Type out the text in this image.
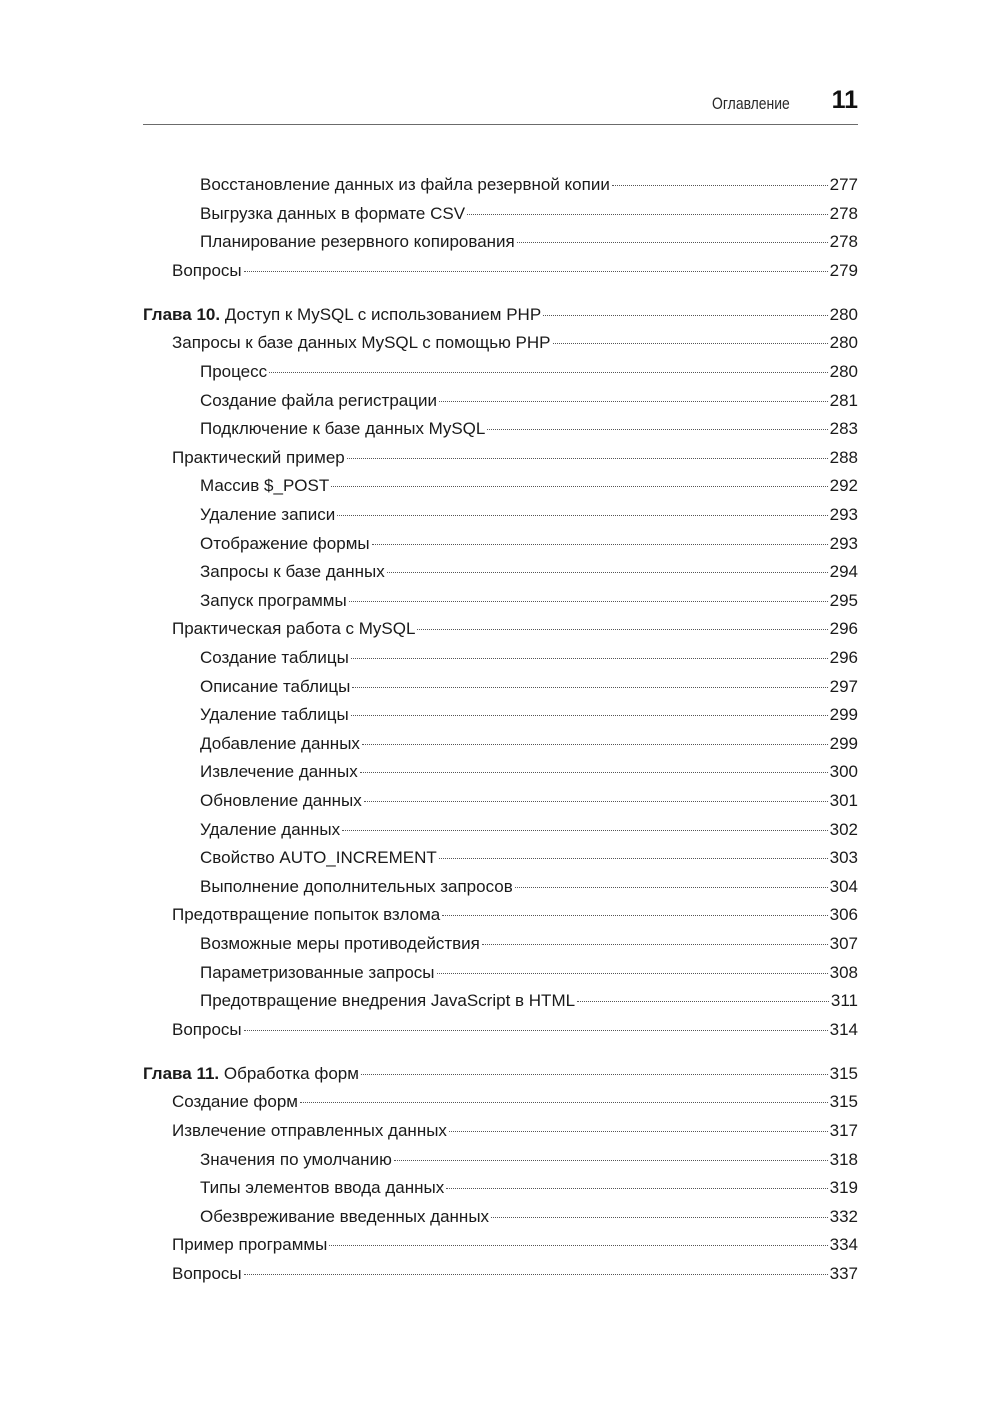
Оглавление 11
Восстановление данных из файла резервной копии	277
Выгрузка данных в формате CSV	278
Планирование резервного копирования	278
Вопросы	279
Глава 10. Доступ к MySQL с использованием PHP	280
Запросы к базе данных MySQL с помощью PHP	280
Процесс	280
Создание файла регистрации	281
Подключение к базе данных MySQL	283
Практический пример	288
Массив $_POST	292
Удаление записи	293
Отображение формы	293
Запросы к базе данных	294
Запуск программы	295
Практическая работа с MySQL	296
Создание таблицы	296
Описание таблицы	297
Удаление таблицы	299
Добавление данных	299
Извлечение данных	300
Обновление данных	301
Удаление данных	302
Свойство AUTO_INCREMENT	303
Выполнение дополнительных запросов	304
Предотвращение попыток взлома	306
Возможные меры противодействия	307
Параметризованные запросы	308
Предотвращение внедрения JavaScript в HTML	311
Вопросы	314
Глава 11. Обработка форм	315
Создание форм	315
Извлечение отправленных данных	317
Значения по умолчанию	318
Типы элементов ввода данных	319
Обезвреживание введенных данных	332
Пример программы	334
Вопросы	337
